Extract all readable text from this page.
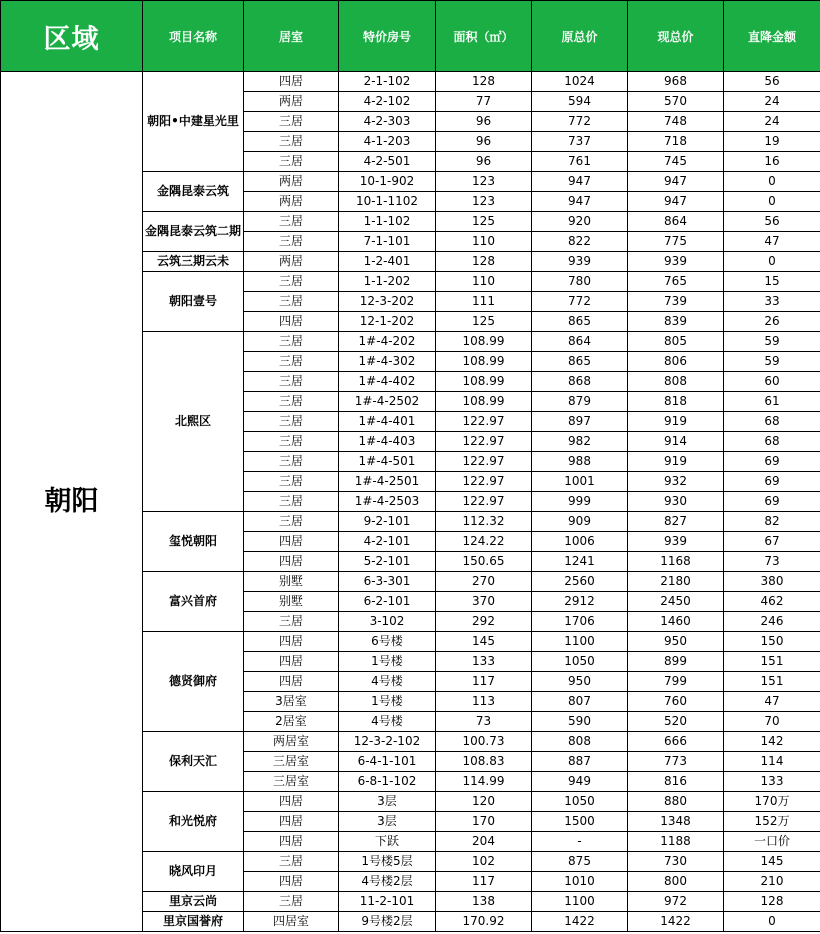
区域	项目名称	居室	特价房号	面积（㎡）	原总价	现总价	直降金额
朝阳	朝阳•中建星光里	四居	2-1-102	128	1024	968	56
		两居	4-2-102	77	594	570	24
		三居	4-2-303	96	772	748	24
		三居	4-1-203	96	737	718	19
		三居	4-2-501	96	761	745	16
	金隅昆泰云筑	两居	10-1-902	123	947	947	0
		两居	10-1-1102	123	947	947	0
	金隅昆泰云筑二期	三居	1-1-102	125	920	864	56
		三居	7-1-101	110	822	775	47
	云筑三期云未	两居	1-2-401	128	939	939	0
	朝阳壹号	三居	1-1-202	110	780	765	15
		三居	12-3-202	111	772	739	33
		四居	12-1-202	125	865	839	26
	北熙区	三居	1#-4-202	108.99	864	805	59
		三居	1#-4-302	108.99	865	806	59
		三居	1#-4-402	108.99	868	808	60
		三居	1#-4-2502	108.99	879	818	61
		三居	1#-4-401	122.97	897	919	68
		三居	1#-4-403	122.97	982	914	68
		三居	1#-4-501	122.97	988	919	69
		三居	1#-4-2501	122.97	1001	932	69
		三居	1#-4-2503	122.97	999	930	69
	玺悦朝阳	三居	9-2-101	112.32	909	827	82
		四居	4-2-101	124.22	1006	939	67
		四居	5-2-101	150.65	1241	1168	73
	富兴首府	别墅	6-3-301	270	2560	2180	380
		别墅	6-2-101	370	2912	2450	462
		三居	3-102	292	1706	1460	246
	德贤御府	四居	6号楼	145	1100	950	150
		四居	1号楼	133	1050	899	151
		四居	4号楼	117	950	799	151
		3居室	1号楼	113	807	760	47
		2居室	4号楼	73	590	520	70
	保利天汇	两居室	12-3-2-102	100.73	808	666	142
		三居室	6-4-1-101	108.83	887	773	114
		三居室	6-8-1-102	114.99	949	816	133
	和光悦府	四居	3层	120	1050	880	170万
		四居	3层	170	1500	1348	152万
		四居	下跃	204	-	1188	一口价
	晓风印月	三居	1号楼5层	102	875	730	145
		四居	4号楼2层	117	1010	800	210
	里京云尚	三居	11-2-101	138	1100	972	128
	里京国誉府	四居室	9号楼2层	170.92	1422	1422	0
